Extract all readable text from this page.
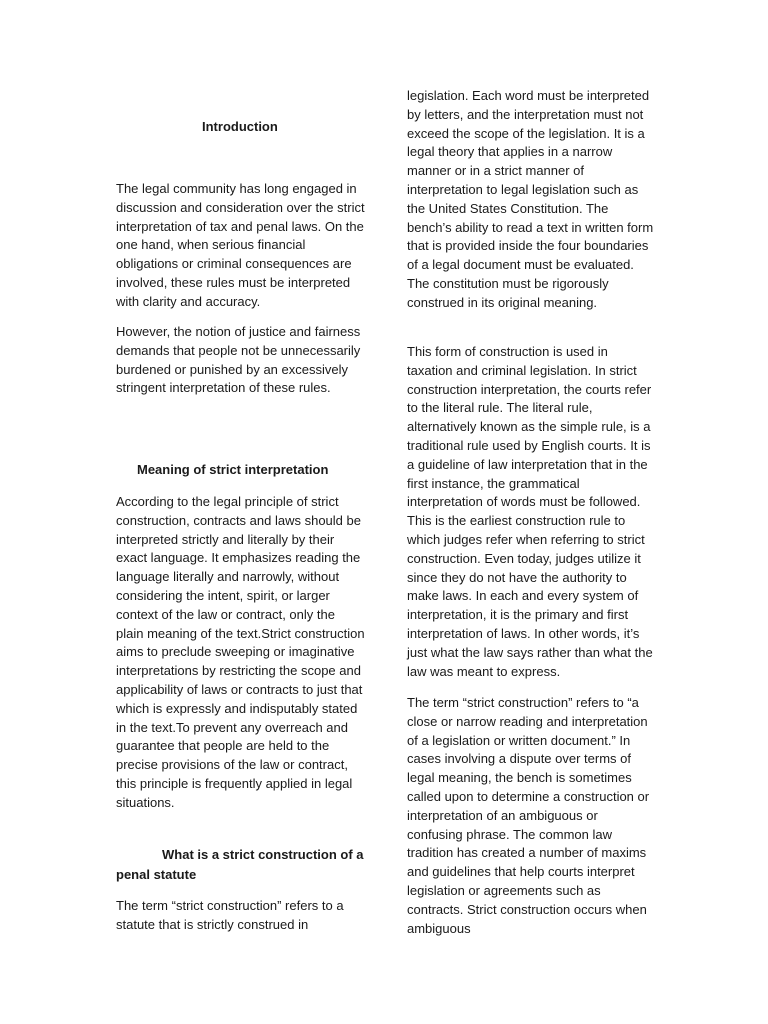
Introduction

The legal community has long engaged in discussion and consideration over the strict interpretation of tax and penal laws. On the one hand, when serious financial obligations or criminal consequences are involved, these rules must be interpreted with clarity and accuracy.

However, the notion of justice and fairness demands that people not be unnecessarily burdened or punished by an excessively stringent interpretation of these rules.

Meaning of strict interpretation

According to the legal principle of strict construction, contracts and laws should be interpreted strictly and literally by their exact language. It emphasizes reading the language literally and narrowly, without considering the intent, spirit, or larger context of the law or contract, only the plain meaning of the text.Strict construction aims to preclude sweeping or imaginative interpretations by restricting the scope and applicability of laws or contracts to just that which is expressly and indisputably stated in the text.To prevent any overreach and guarantee that people are held to the precise provisions of the law or contract, this principle is frequently applied in legal situations.

What is a strict construction of a penal statute

The term “strict construction” refers to a statute that is strictly construed in

legislation. Each word must be interpreted by letters, and the interpretation must not exceed the scope of the legislation. It is a legal theory that applies in a narrow manner or in a strict manner of interpretation to legal legislation such as the United States Constitution. The bench’s ability to read a text in written form that is provided inside the four boundaries of a legal document must be evaluated. The constitution must be rigorously construed in its original meaning.

This form of construction is used in taxation and criminal legislation. In strict construction interpretation, the courts refer to the literal rule. The literal rule, alternatively known as the simple rule, is a traditional rule used by English courts. It is a guideline of law interpretation that in the first instance, the grammatical interpretation of words must be followed. This is the earliest construction rule to which judges refer when referring to strict construction. Even today, judges utilize it since they do not have the authority to make laws. In each and every system of interpretation, it is the primary and first interpretation of laws. In other words, it’s just what the law says rather than what the law was meant to express.

The term “strict construction” refers to “a close or narrow reading and interpretation of a legislation or written document.” In cases involving a dispute over terms of legal meaning, the bench is sometimes called upon to determine a construction or interpretation of an ambiguous or confusing phrase. The common law tradition has created a number of maxims and guidelines that help courts interpret legislation or agreements such as contracts. Strict construction occurs when ambiguous
